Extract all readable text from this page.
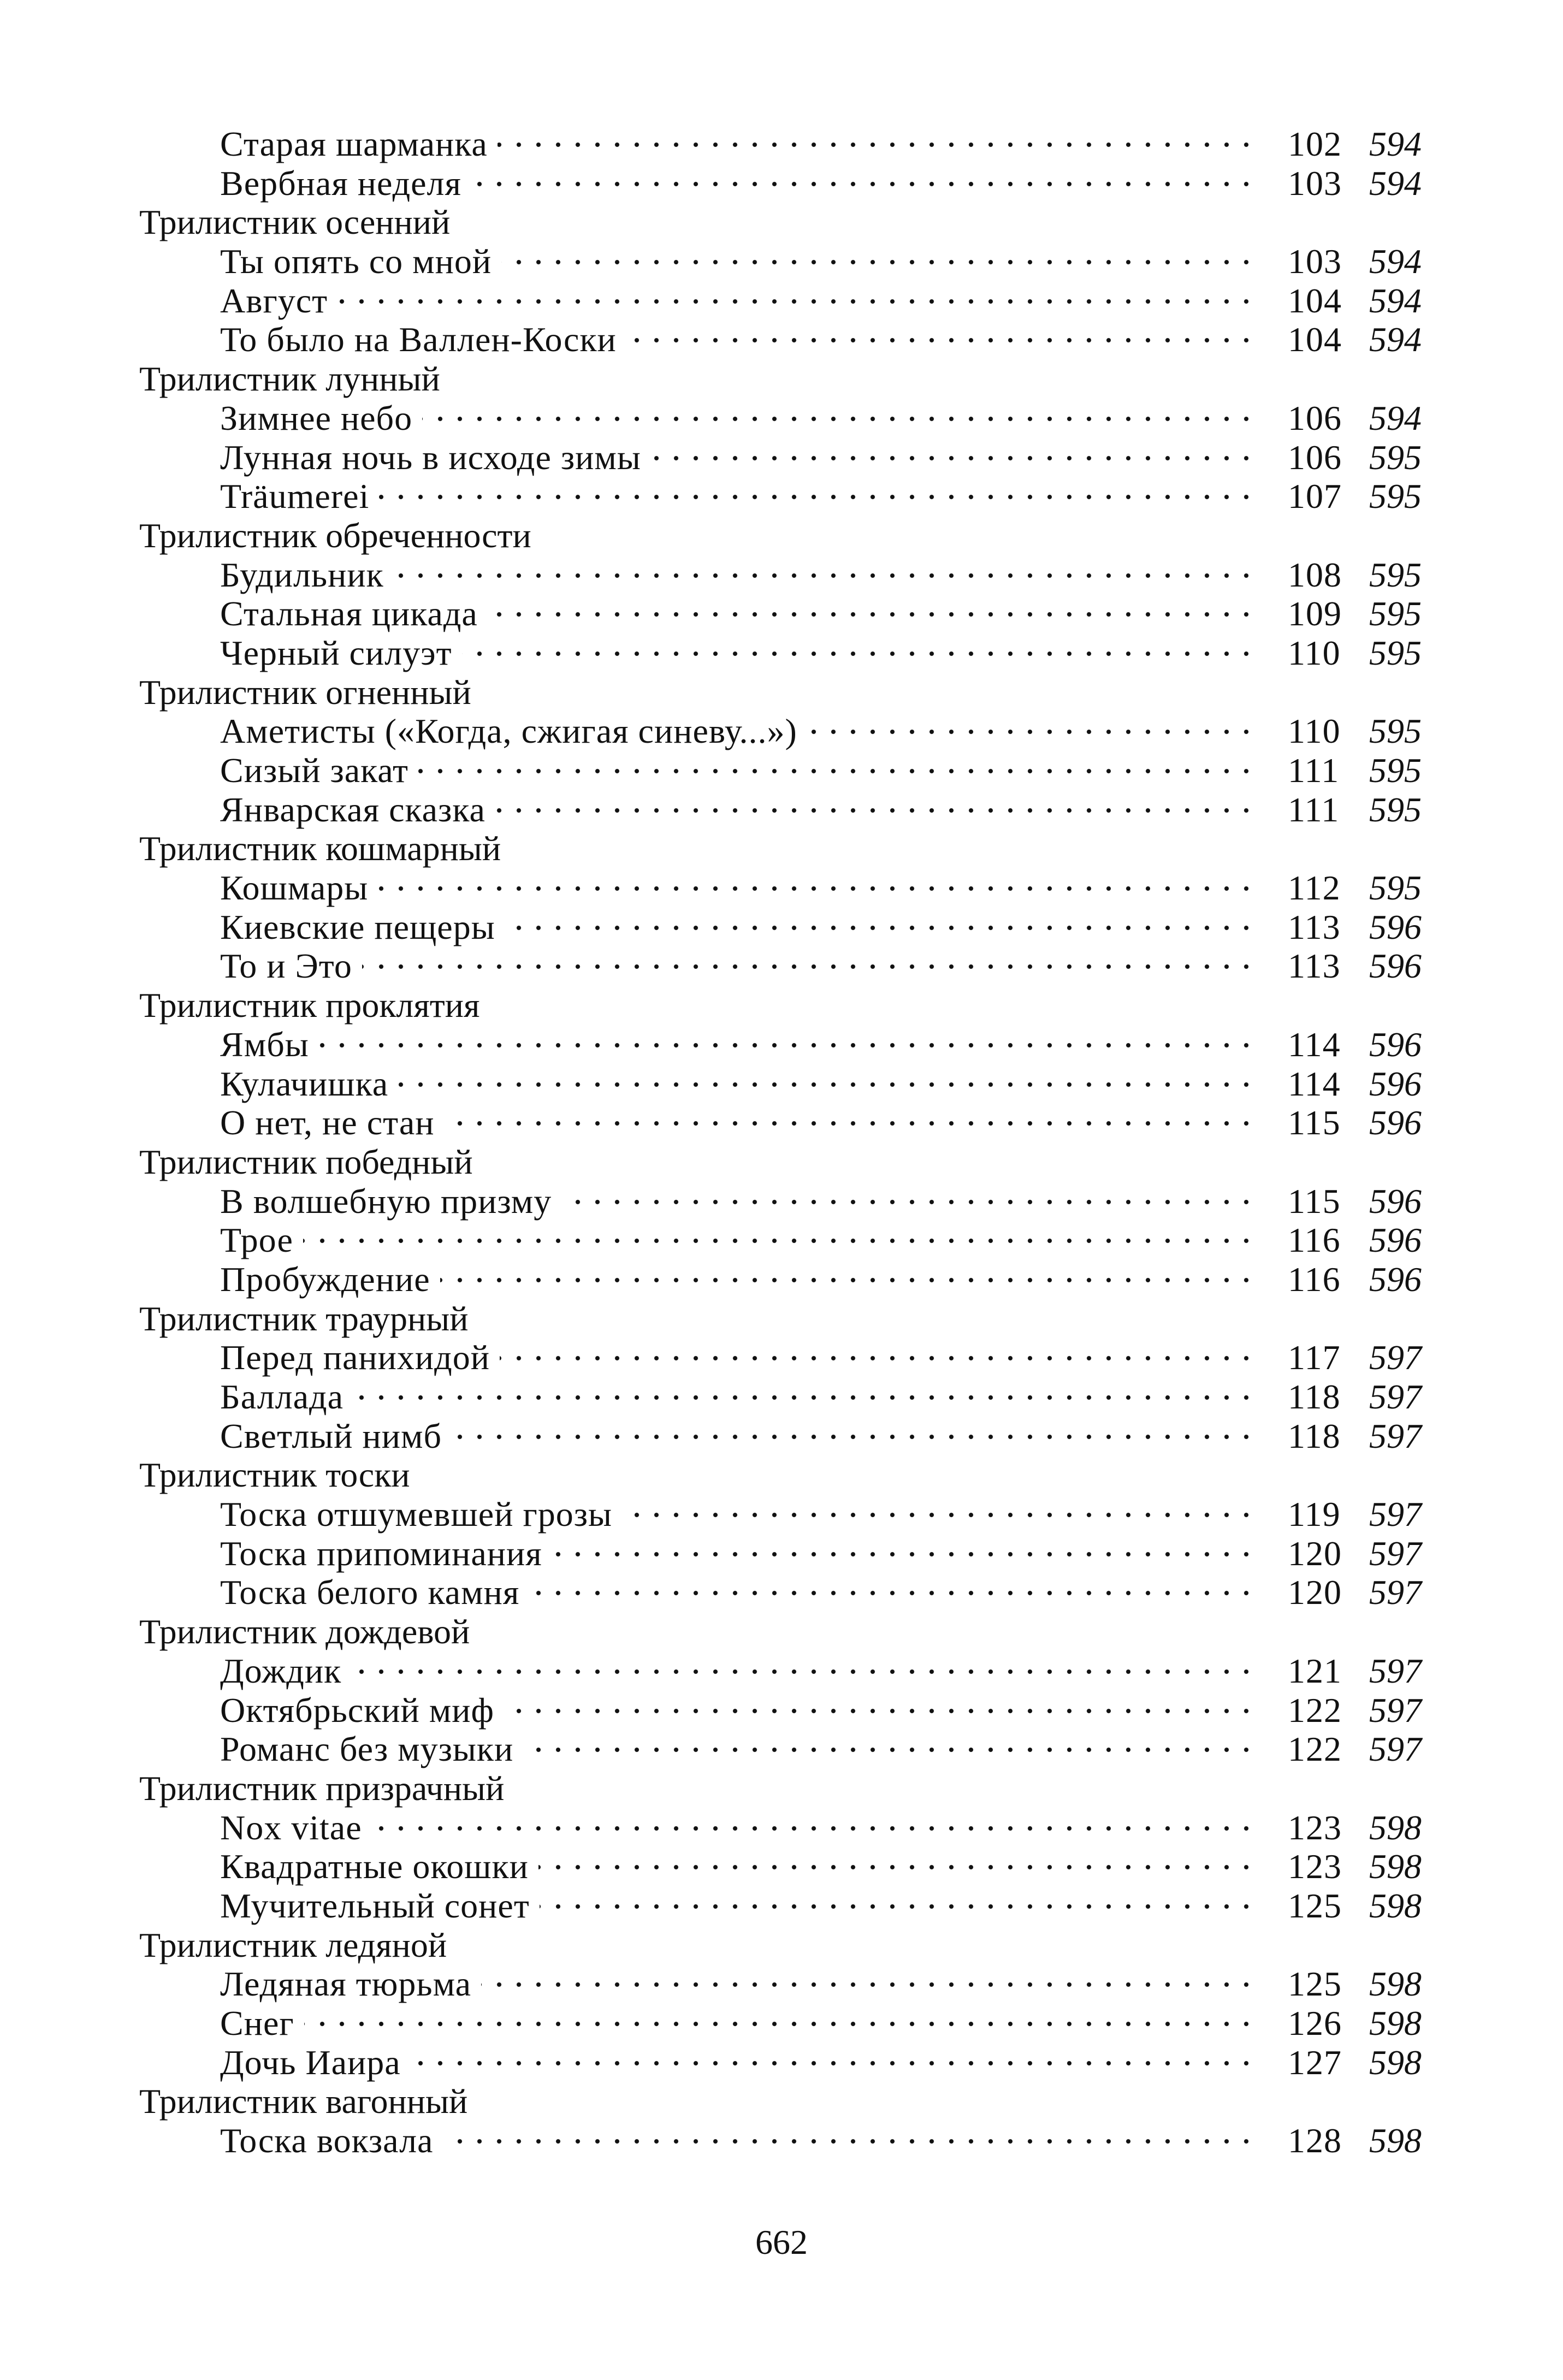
Старая шарманка	102 594
Вербная неделя	103 594
Трилистник осенний
Ты опять со мной	103 594
Август	104 594
То было на Валлен-Коски	104 594
Трилистник лунный
Зимнее небо	106 594
Лунная ночь в исходе зимы	106 595
Träumerei	107 595
Трилистник обреченности
Будильник	108 595
Стальная цикада	109 595
Черный силуэт	110 595
Трилистник огненный
Аметисты («Когда, сжигая синеву...»)	110 595
Сизый закат	111 595
Январская сказка	111 595
Трилистник кошмарный
Кошмары	112 595
Киевские пещеры	113 596
То и Это	113 596
Трилистник проклятия
Ямбы	114 596
Кулачишка	114 596
О нет, не стан	115 596
Трилистник победный
В волшебную призму	115 596
Трое	116 596
Пробуждение	116 596
Трилистник траурный
Перед панихидой	117 597
Баллада	118 597
Светлый нимб	118 597
Трилистник тоски
Тоска отшумевшей грозы	119 597
Тоска припоминания	120 597
Тоска белого камня	120 597
Трилистник дождевой
Дождик	121 597
Октябрьский миф	122 597
Романс без музыки	122 597
Трилистник призрачный
Nox vitae	123 598
Квадратные окошки	123 598
Мучительный сонет	125 598
Трилистник ледяной
Ледяная тюрьма	125 598
Снег	126 598
Дочь Иаира	127 598
Трилистник вагонный
Тоска вокзала	128 598
662
